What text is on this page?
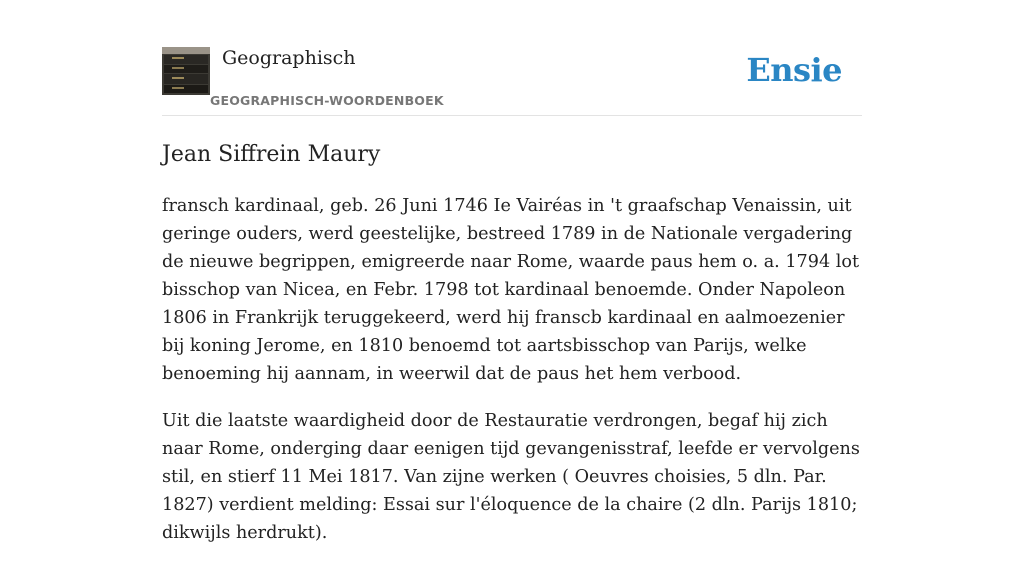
Geographisch
GEOGRAPHISCH-WOORDENBOEK
Ensie
Jean Siffrein Maury

fransch kardinaal, geb. 26 Juni 1746 Ie Vairéas in 't graafschap Venaissin, uit geringe ouders, werd geestelijke, bestreed 1789 in de Nationale vergadering de nieuwe begrippen, emigreerde naar Rome, waarde paus hem o. a. 1794 lot bisschop van Nicea, en Febr. 1798 tot kardinaal benoemde. Onder Napoleon 1806 in Frankrijk teruggekeerd, werd hij franscb kardinaal en aalmoezenier bij koning Jerome, en 1810 benoemd tot aartsbisschop van Parijs, welke benoeming hij aannam, in weerwil dat de paus het hem verbood.

Uit die laatste waardigheid door de Restauratie verdrongen, begaf hij zich naar Rome, onderging daar eenigen tijd gevangenisstraf, leefde er vervolgens stil, en stierf 11 Mei 1817. Van zijne werken ( Oeuvres choisies, 5 dln. Par. 1827) verdient melding: Essai sur l'éloquence de la chaire (2 dln. Parijs 1810; dikwijls herdrukt).
